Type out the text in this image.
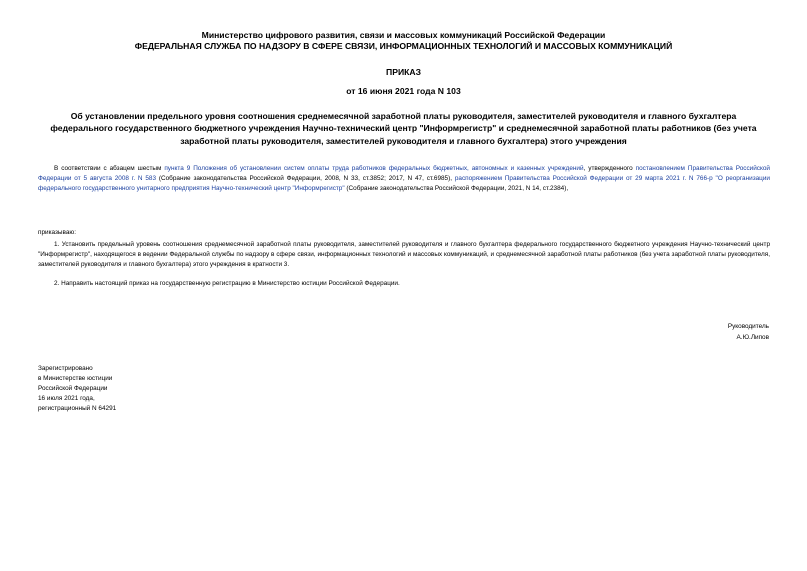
Министерство цифрового развития, связи и массовых коммуникаций Российской Федерации
ФЕДЕРАЛЬНАЯ СЛУЖБА ПО НАДЗОРУ В СФЕРЕ СВЯЗИ, ИНФОРМАЦИОННЫХ ТЕХНОЛОГИЙ И МАССОВЫХ КОММУНИКАЦИЙ
ПРИКАЗ
от 16 июня 2021 года N 103
Об установлении предельного уровня соотношения среднемесячной заработной платы руководителя, заместителей руководителя и главного бухгалтера федерального государственного бюджетного учреждения Научно-технический центр "Информрегистр" и среднемесячной заработной платы работников (без учета заработной платы руководителя, заместителей руководителя и главного бухгалтера) этого учреждения
В соответствии с абзацем шестым пункта 9 Положения об установлении систем оплаты труда работников федеральных бюджетных, автономных и казенных учреждений, утвержденного постановлением Правительства Российской Федерации от 5 августа 2008 г. N 583 (Собрание законодательства Российской Федерации, 2008, N 33, ст.3852; 2017, N 47, ст.6985), распоряжением Правительства Российской Федерации от 29 марта 2021 г. N 766-р "О реорганизации федерального государственного унитарного предприятия Научно-технический центр "Информрегистр" (Собрание законодательства Российской Федерации, 2021, N 14, ст.2384),
приказываю:
1. Установить предельный уровень соотношения среднемесячной заработной платы руководителя, заместителей руководителя и главного бухгалтера федерального государственного бюджетного учреждения Научно-технический центр "Информрегистр", находящегося в ведении Федеральной службы по надзору в сфере связи, информационных технологий и массовых коммуникаций, и среднемесячной заработной платы работников (без учета заработной платы руководителя, заместителей руководителя и главного бухгалтера) этого учреждения в кратности 3.
2. Направить настоящий приказ на государственную регистрацию в Министерство юстиции Российской Федерации.
Руководитель
А.Ю.Липов
Зарегистрировано
в Министерстве юстиции
Российской Федерации
16 июля 2021 года,
регистрационный N 64291
